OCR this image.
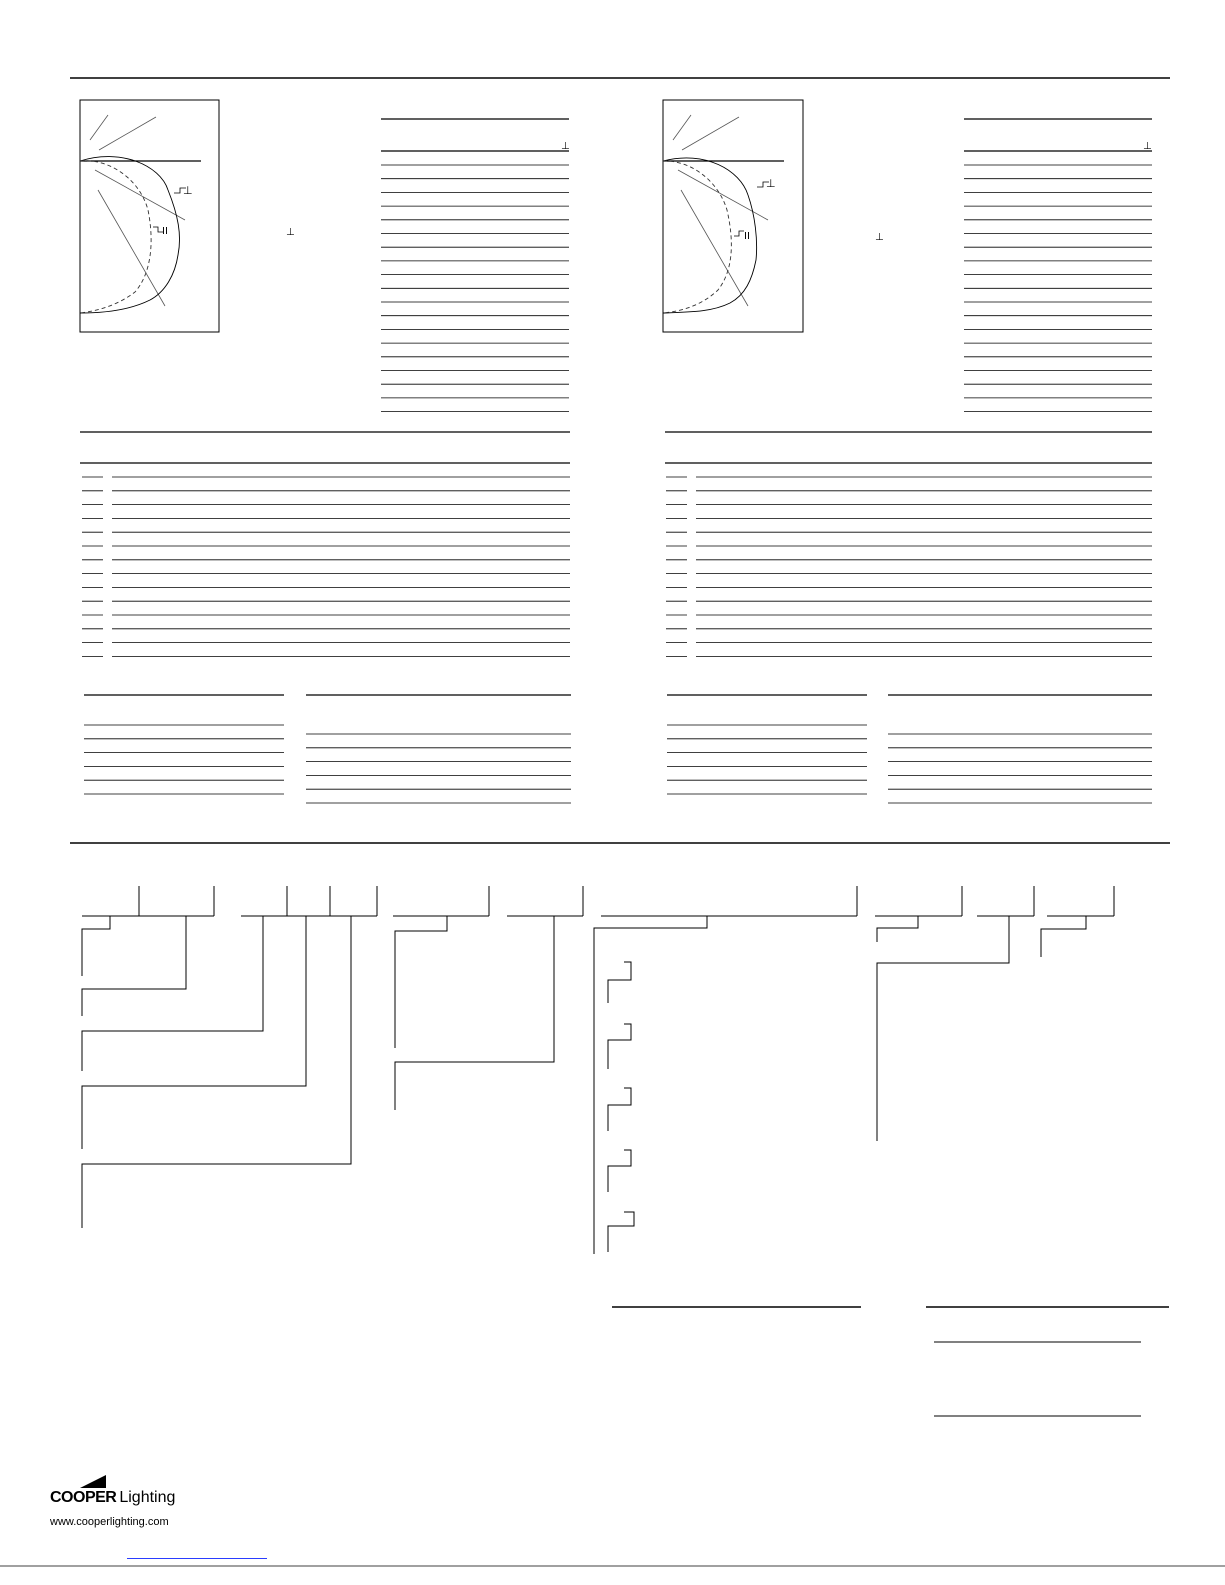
⊥
II	⊥
⊥
⊥
II	⊥
⊥
COOPER Lighting
www.cooperlighting.com
